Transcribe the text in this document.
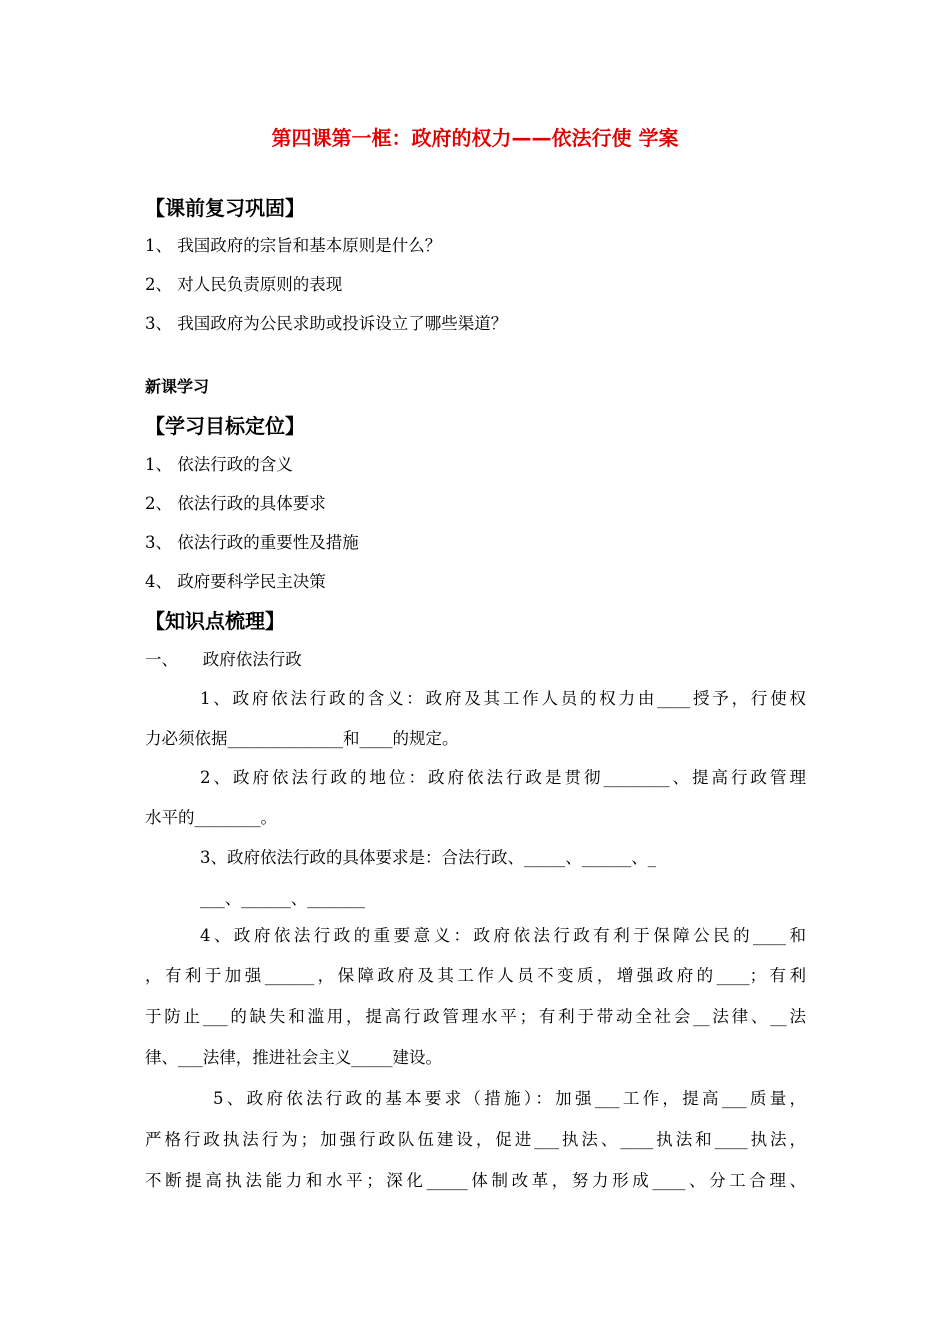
第四课第一框：政府的权力——依法行使 学案
【课前复习巩固】
1、 我国政府的宗旨和基本原则是什么？
2、 对人民负责原则的表现
3、 我国政府为公民求助或投诉设立了哪些渠道？
新课学习
【学习目标定位】
1、 依法行政的含义
2、 依法行政的具体要求
3、 依法行政的重要性及措施
4、 政府要科学民主决策
【知识点梳理】
一、　　政府依法行政
1、政府依法行政的含义：政府及其工作人员的权力由____授予，行使权
力必须依据______________和____的规定。
2、政府依法行政的地位：政府依法行政是贯彻________、提高行政管理
水平的________。
3、政府依法行政的具体要求是：合法行政、_____、______、_
___、______、_______
4、政府依法行政的重要意义：政府依法行政有利于保障公民的____和
，有利于加强______，保障政府及其工作人员不变质，增强政府的____；有利
于防止___的缺失和滥用，提高行政管理水平；有利于带动全社会__法律、__法
律、___法律，推进社会主义_____建设。
5、政府依法行政的基本要求（措施）：加强___工作，提高___质量，
严格行政执法行为；加强行政队伍建设，促进___执法、____执法和____执法，
不断提高执法能力和水平；深化_____体制改革，努力形成____、分工合理、
